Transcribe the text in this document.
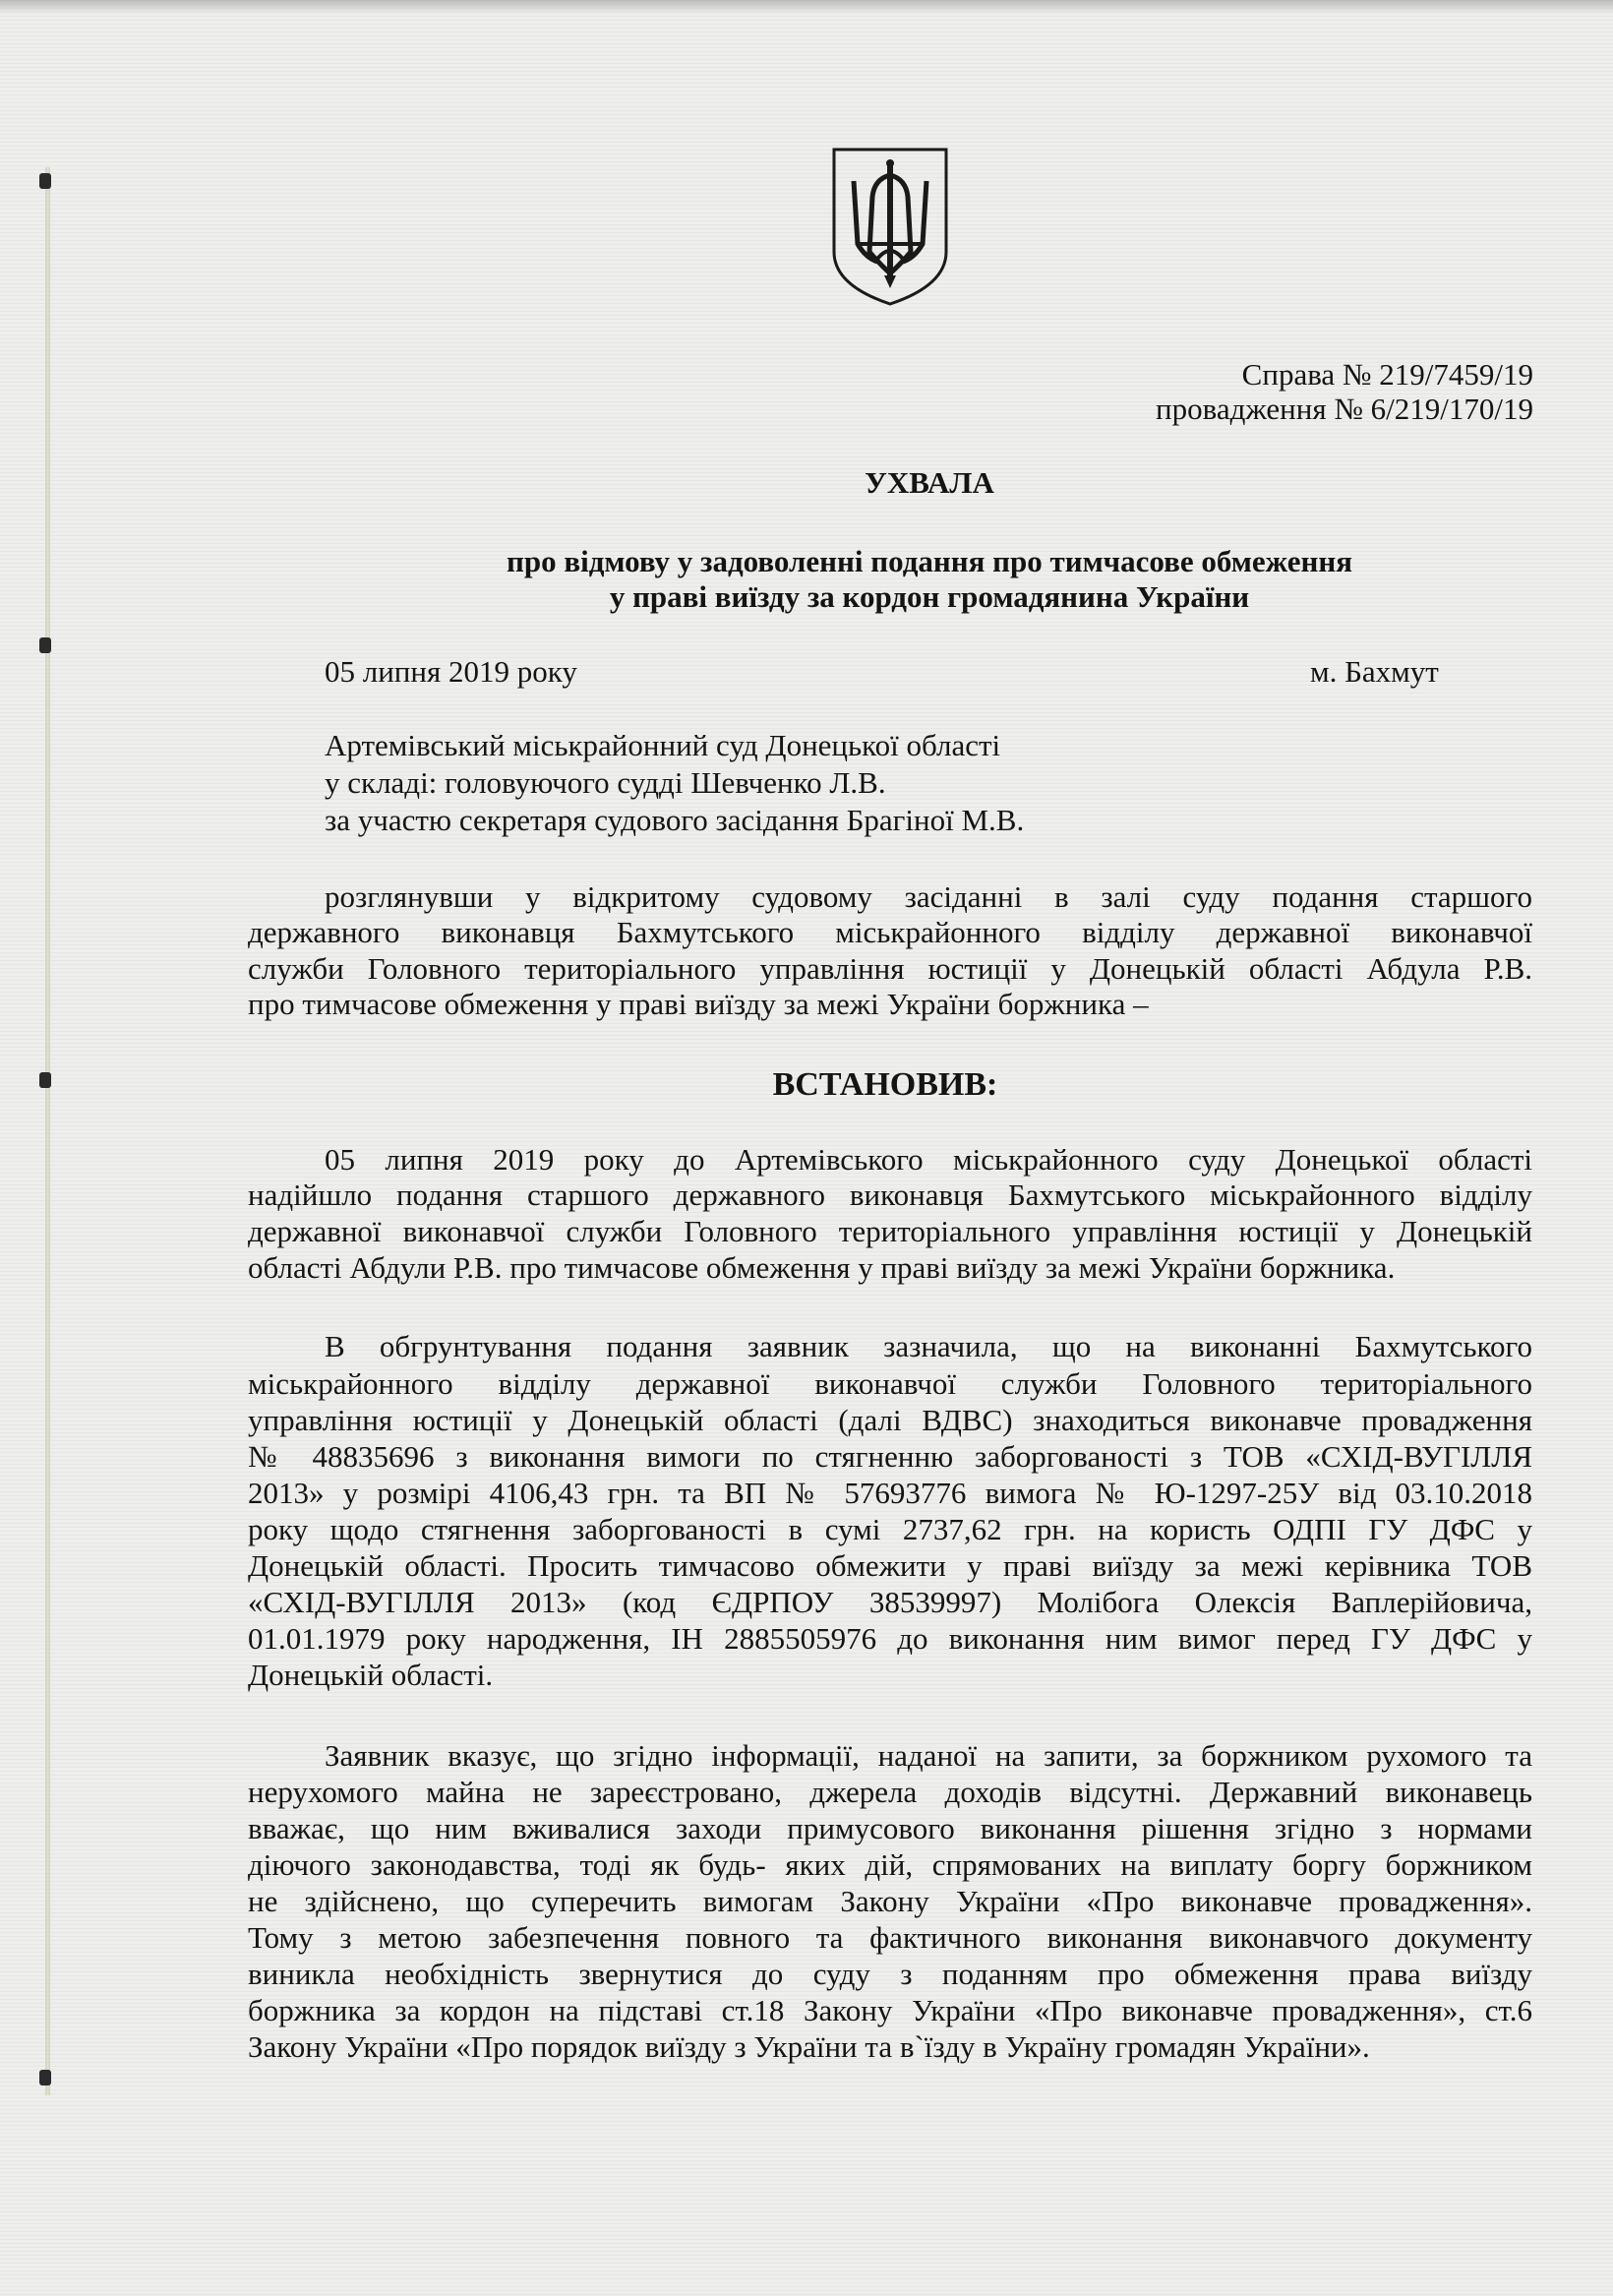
Справа № 219/7459/19
провадження № 6/219/170/19
УХВАЛА
про відмову у задоволенні подання про тимчасове обмеження
у праві виїзду за кордон громадянина України
05 липня 2019 року	м. Бахмут
Артемівський міськрайонний суд Донецької області
у складі: головуючого судді Шевченко Л.В.
за участю секретаря судового засідання Брагіної М.В.
розглянувши у відкритому судовому засіданні в залі суду подання старшого
державного виконавця Бахмутського міськрайонного відділу державної виконавчої
служби Головного територіального управління юстиції у Донецькій області Абдула Р.В.
про тимчасове обмеження у праві виїзду за межі України боржника –
ВСТАНОВИВ:
05 липня 2019 року до Артемівського міськрайонного суду Донецької області
надійшло подання старшого державного виконавця Бахмутського міськрайонного відділу
державної виконавчої служби Головного територіального управління юстиції у Донецькій
області Абдули Р.В. про тимчасове обмеження у праві виїзду за межі України боржника.
В обгрунтування подання заявник зазначила, що на виконанні Бахмутського
міськрайонного відділу державної виконавчої служби Головного територіального
управління юстиції у Донецькій області (далі ВДВС) знаходиться виконавче провадження
№ 48835696 з виконання вимоги по стягненню заборгованості з ТОВ «СХІД-ВУГІЛЛЯ
2013» у розмірі 4106,43 грн. та ВП № 57693776 вимога № Ю-1297-25У від 03.10.2018
року щодо стягнення заборгованості в сумі 2737,62 грн. на користь ОДПІ ГУ ДФС у
Донецькій області. Просить тимчасово обмежити у праві виїзду за межі керівника ТОВ
«СХІД-ВУГІЛЛЯ 2013» (код ЄДРПОУ 38539997) Молібога Олексія Ваплерійовича,
01.01.1979 року народження, ІН 2885505976 до виконання ним вимог перед ГУ ДФС у
Донецькій області.
Заявник вказує, що згідно інформації, наданої на запити, за боржником рухомого та
нерухомого майна не зареєстровано, джерела доходів відсутні. Державний виконавець
вважає, що ним вживалися заходи примусового виконання рішення згідно з нормами
діючого законодавства, тоді як будь- яких дій, спрямованих на виплату боргу боржником
не здійснено, що суперечить вимогам Закону України «Про виконавче провадження».
Тому з метою забезпечення повного та фактичного виконання виконавчого документу
виникла необхідність звернутися до суду з поданням про обмеження права виїзду
боржника за кордон на підставі ст.18 Закону України «Про виконавче провадження», ст.6
Закону України «Про порядок виїзду з України та в`їзду в Україну громадян України».
